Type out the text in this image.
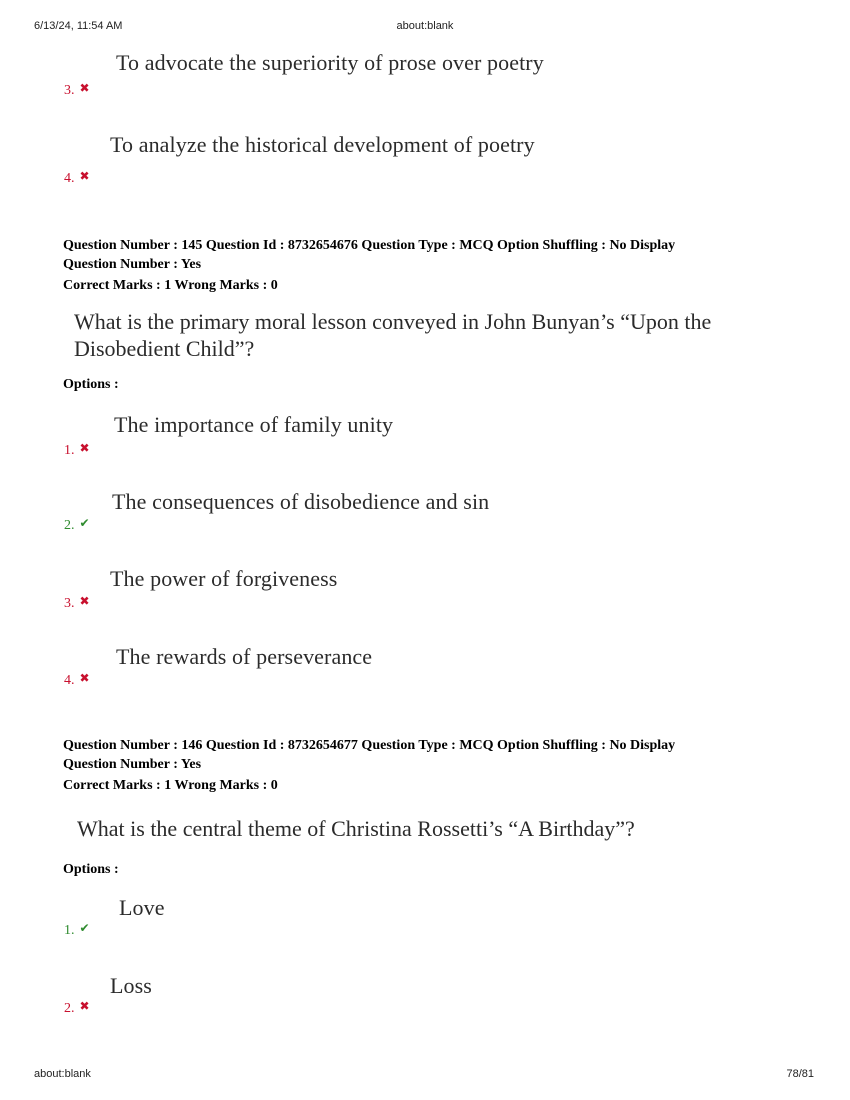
6/13/24, 11:54 AM	about:blank
To advocate the superiority of prose over poetry
3. ✖
To analyze the historical development of poetry
4. ✖
Question Number : 145 Question Id : 8732654676 Question Type : MCQ Option Shuffling : No Display
Question Number : Yes
Correct Marks : 1 Wrong Marks : 0
What is the primary moral lesson conveyed in John Bunyan’s “Upon the
Disobedient Child”?
Options :
The importance of family unity
1. ✖
The consequences of disobedience and sin
2. ✔
The power of forgiveness
3. ✖
The rewards of perseverance
4. ✖
Question Number : 146 Question Id : 8732654677 Question Type : MCQ Option Shuffling : No Display
Question Number : Yes
Correct Marks : 1 Wrong Marks : 0
What is the central theme of Christina Rossetti’s “A Birthday”?
Options :
Love
1. ✔
Loss
2. ✖
about:blank	78/81
